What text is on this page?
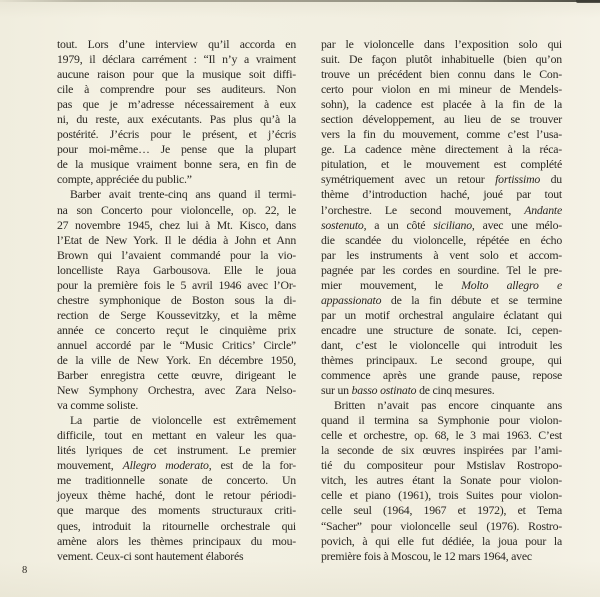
tout. Lors d’une interview qu’il accorda en
1979, il déclara carrément : “Il n’y a vraiment
aucune raison pour que la musique soit diffi-
cile à comprendre pour ses auditeurs. Non
pas que je m’adresse nécessairement à eux
ni, du reste, aux exécutants. Pas plus qu’à la
postérité. J’écris pour le présent, et j’écris
pour moi-même… Je pense que la plupart
de la musique vraiment bonne sera, en fin de
compte, appréciée du public.”
Barber avait trente-cinq ans quand il termi-
na son Concerto pour violoncelle, op. 22, le
27 novembre 1945, chez lui à Mt. Kisco, dans
l’Etat de New York. Il le dédia à John et Ann
Brown qui l’avaient commandé pour la vio-
loncelliste Raya Garbousova. Elle le joua
pour la première fois le 5 avril 1946 avec l’Or-
chestre symphonique de Boston sous la di-
rection de Serge Koussevitzky, et la même
année ce concerto reçut le cinquième prix
annuel accordé par le “Music Critics’ Circle”
de la ville de New York. En décembre 1950,
Barber enregistra cette œuvre, dirigeant le
New Symphony Orchestra, avec Zara Nelso-
va comme soliste.
La partie de violoncelle est extrêmement
difficile, tout en mettant en valeur les qua-
lités lyriques de cet instrument. Le premier
mouvement, Allegro moderato, est de la for-
me traditionnelle sonate de concerto. Un
joyeux thème haché, dont le retour périodi-
que marque des moments structuraux criti-
ques, introduit la ritournelle orchestrale qui
amène alors les thèmes principaux du mou-
vement. Ceux-ci sont hautement élaborés
par le violoncelle dans l’exposition solo qui
suit. De façon plutôt inhabituelle (bien qu’on
trouve un précédent bien connu dans le Con-
certo pour violon en mi mineur de Mendels-
sohn), la cadence est placée à la fin de la
section développement, au lieu de se trouver
vers la fin du mouvement, comme c’est l’usa-
ge. La cadence mène directement à la réca-
pitulation, et le mouvement est complété
symétriquement avec un retour fortissimo du
thème d’introduction haché, joué par tout
l’orchestre. Le second mouvement, Andante
sostenuto, a un côté siciliano, avec une mélo-
die scandée du violoncelle, répétée en écho
par les instruments à vent solo et accom-
pagnée par les cordes en sourdine. Tel le pre-
mier mouvement, le Molto allegro e
appassionato de la fin débute et se termine
par un motif orchestral angulaire éclatant qui
encadre une structure de sonate. Ici, cepen-
dant, c’est le violoncelle qui introduit les
thèmes principaux. Le second groupe, qui
commence après une grande pause, repose
sur un basso ostinato de cinq mesures.
Britten n’avait pas encore cinquante ans
quand il termina sa Symphonie pour violon-
celle et orchestre, op. 68, le 3 mai 1963. C’est
la seconde de six œuvres inspirées par l’ami-
tié du compositeur pour Mstislav Rostropo-
vitch, les autres étant la Sonate pour violon-
celle et piano (1961), trois Suites pour violon-
celle seul (1964, 1967 et 1972), et Tema
“Sacher” pour violoncelle seul (1976). Rostro-
povich, à qui elle fut dédiée, la joua pour la
première fois à Moscou, le 12 mars 1964, avec
8
